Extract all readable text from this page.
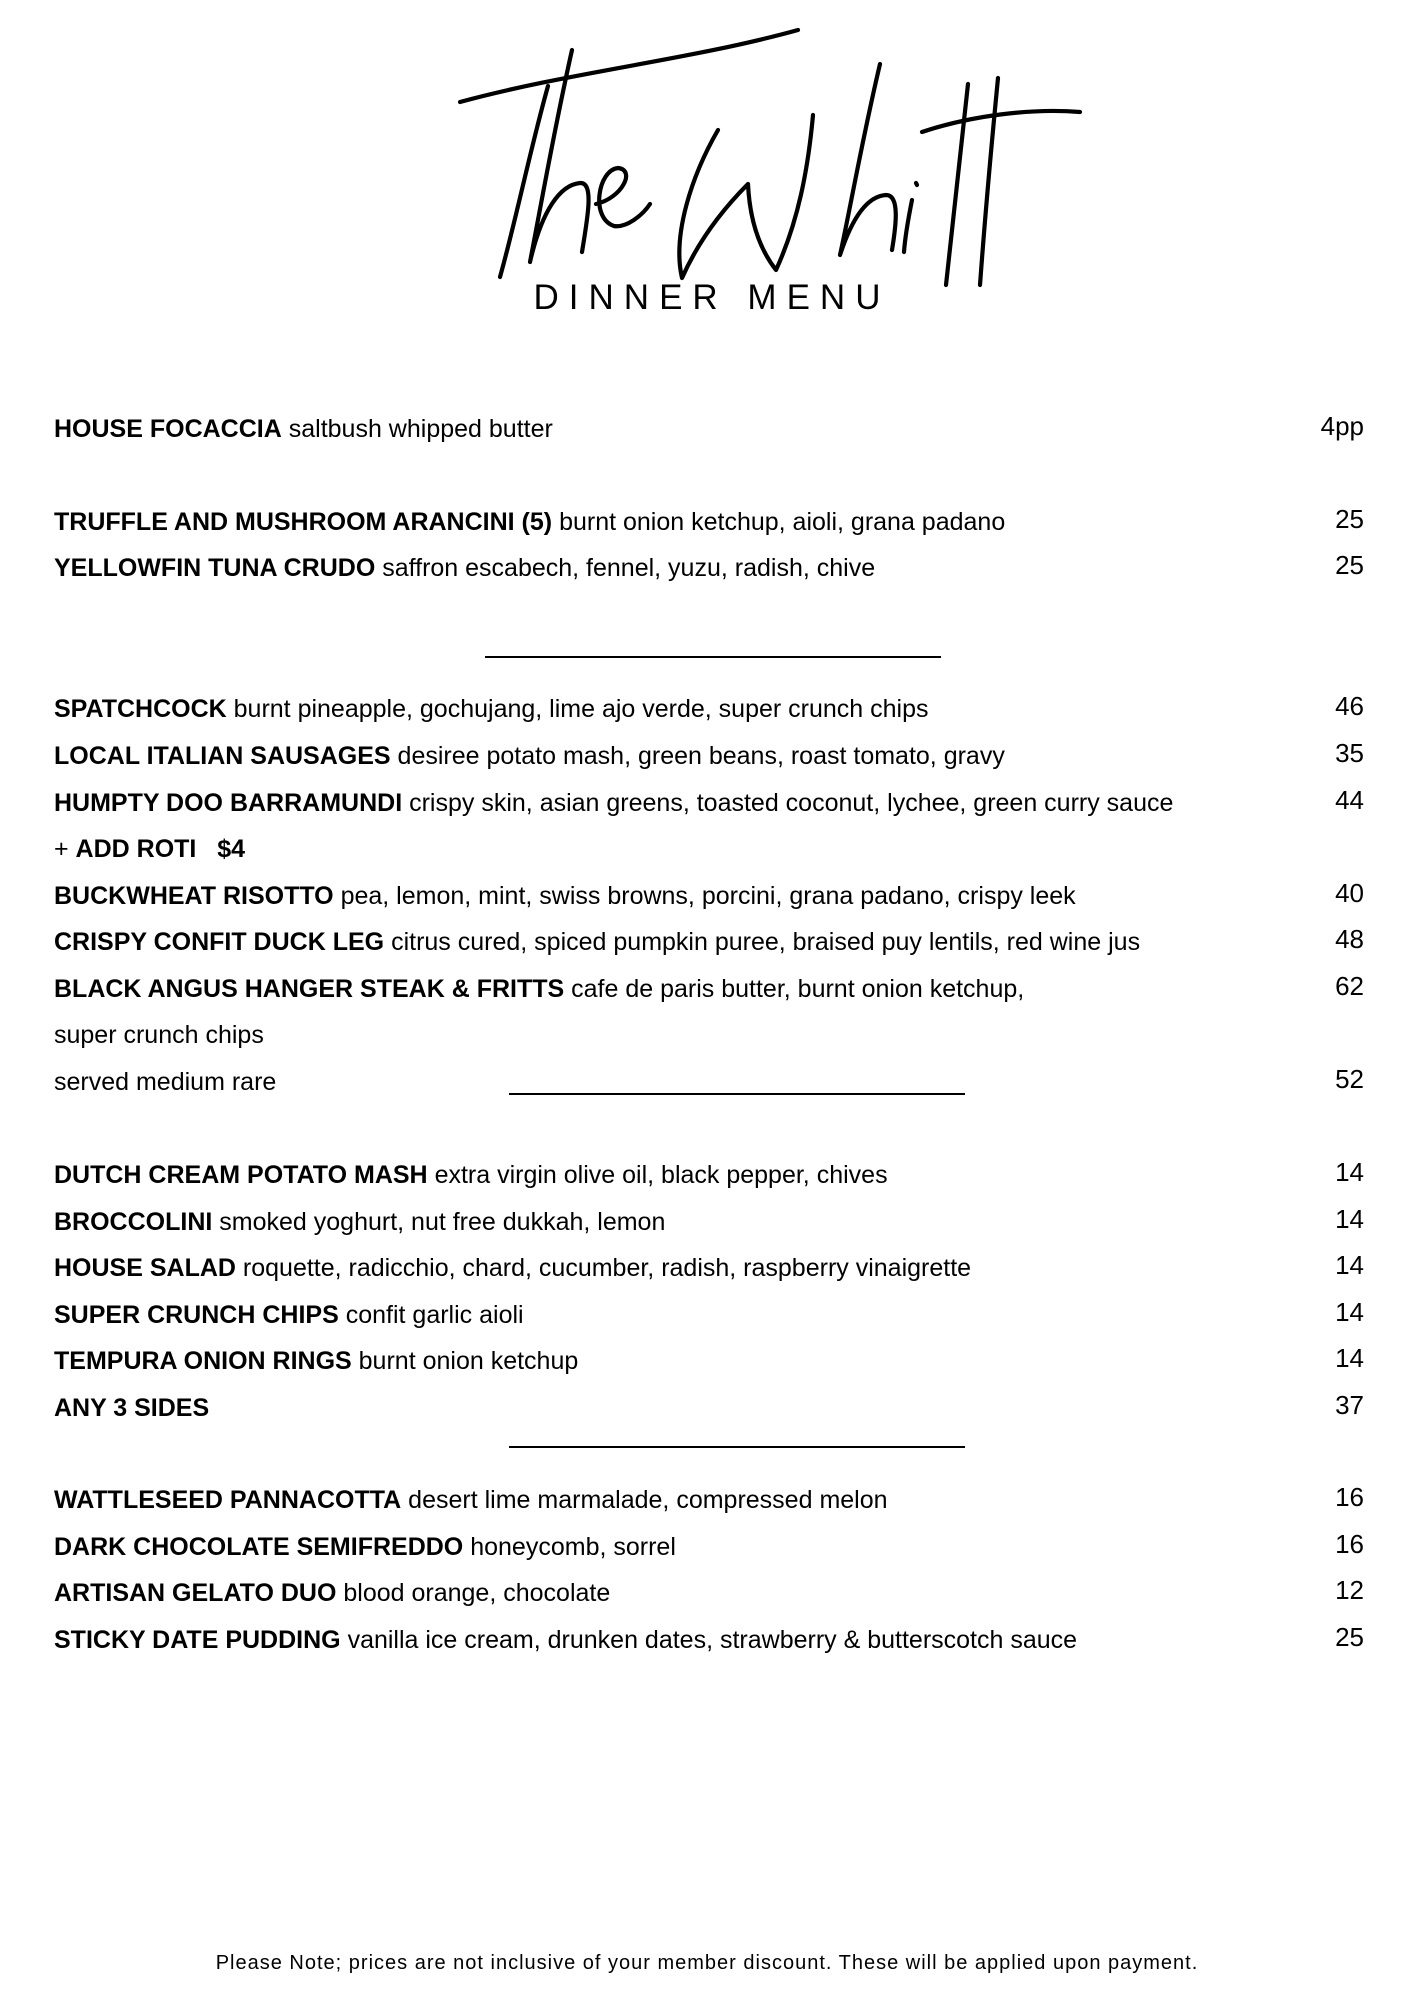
DINNER MENU
HOUSE FOCACCIA saltbush whipped butter	4pp
TRUFFLE AND MUSHROOM ARANCINI (5) burnt onion ketchup, aioli, grana padano	25
YELLOWFIN TUNA CRUDO saffron escabech, fennel, yuzu, radish, chive	25
SPATCHCOCK burnt pineapple, gochujang, lime ajo verde, super crunch chips	46
LOCAL ITALIAN SAUSAGES desiree potato mash, green beans, roast tomato, gravy	35
HUMPTY DOO BARRAMUNDI crispy skin, asian greens, toasted coconut, lychee, green curry sauce	44
+ ADD ROTI $4
BUCKWHEAT RISOTTO pea, lemon, mint, swiss browns, porcini, grana padano, crispy leek	40
CRISPY CONFIT DUCK LEG citrus cured, spiced pumpkin puree, braised puy lentils, red wine jus	48
BLACK ANGUS HANGER STEAK & FRITTS cafe de paris butter, burnt onion ketchup,	62
super crunch chips
served medium rare	52
DUTCH CREAM POTATO MASH extra virgin olive oil, black pepper, chives	14
BROCCOLINI smoked yoghurt, nut free dukkah, lemon	14
HOUSE SALAD roquette, radicchio, chard, cucumber, radish, raspberry vinaigrette	14
SUPER CRUNCH CHIPS confit garlic aioli	14
TEMPURA ONION RINGS burnt onion ketchup	14
ANY 3 SIDES	37
WATTLESEED PANNACOTTA desert lime marmalade, compressed melon	16
DARK CHOCOLATE SEMIFREDDO honeycomb, sorrel	16
ARTISAN GELATO DUO blood orange, chocolate	12
STICKY DATE PUDDING vanilla ice cream, drunken dates, strawberry & butterscotch sauce	25
Please Note; prices are not inclusive of your member discount. These will be applied upon payment.
